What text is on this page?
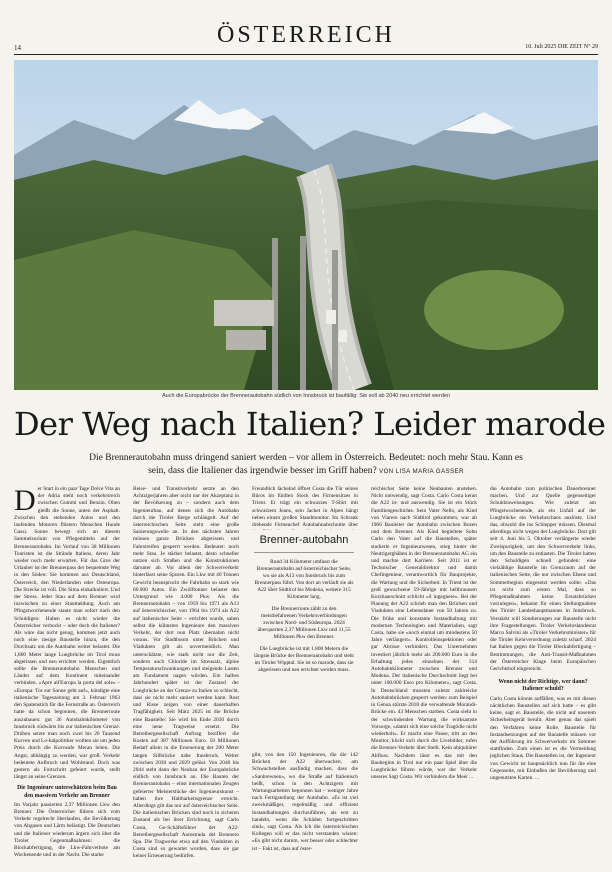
14	ÖSTERREICH	10. Juli 2025 DIE ZEIT N° 29
Auch die Europabrücke der Brennerautobahn südlich von Innsbruck ist baufällig: Sie soll ab 2040 neu errichtet werden
Der Weg nach Italien? Leider marode
Die Brennerautobahn muss dringend saniert werden – vor allem in Österreich. Bedeutet: noch mehr Stau. Kann es sein, dass die Italiener das irgendwie besser im Griff haben? VON LISA MARIA GASSER

Der Start in ein paar Tage Dolce Vita an der Adria steht noch verkehrsreich zwischen Gummi und Benzin. Oben gleißt die Sonne, unten der Asphalt. Zwischen den stehenden Autos und den laufenden Motoren flüstern Menschen Hunde Gassi. Sonne bewegt sich an diesem Sammelsurium von Pflegemitteln auf der Brennerautobahn. Im Verlauf von 38 Millionen Touristen ist die Strände Italiens, deren Jahr wieder noch mehr erwarten. Für das Gros der Urlauber ist der Brennerpass der bequemste Weg in den Süden: Sie kommen aus Deutschland, Österreich, den Niederlanden oder Osteuropa. Die Strecke ist voll. Die Sima einkalkuliert. Und der Stress. Jeder Stau auf dem Brenner wird inzwischen zu einer Staumeldung. Auch am Pfingstwochenende staute man sofort nach den Schuldigen: Haben es nicht wieder die Österreicher verbockt – oder doch die Italiener? Als wäre das nicht genug, kommen jetzt auch noch eine riesige Baustelle hinzu, die den Durchsatz um die Autobahn weiter belastet. Die 1,800 Meter lange Luegbrücke im Tirol muss abgerissen und neu errichtet werden. Eigentlich sollte die Brennerautobahn Menschen und Länder auf dem Kontinent miteinander verbinden. »Apre all'Europa la porta del sole« – »Europa: Tor zur Sonne geht auf«, kündigte eine italienische Tageszeitung am 3. Februar 1963 den Spatenstich für die Fernstraße an. Österreich hatte da schon begonnen, die Brennerroute auszubauen: gut 36 Autobahnkilometer von Innsbruck südwärts bis zur italienischen Grenze. Drüben setzte man noch zwei bis 20 Tausend Kurven und Lo-kalpolitiker wollten sie um jeden Preis durch die Kurvaufe Meran leiten. Die Angst, abhängig zu werden, war groß. Verkehr bedeutete Aufbruch und Wohlstand. Doch was gestern als Fortschritt gefeiert wurde, stellt längst an seine Grenzen.

Die Ingenieure unterschätzten beim Bau den massiven Verkehr am Brenner

Im Vorjahr passierten 2,37 Millionen Lkw den Brenner. Die Österreicher führen sich vom Verkehr regelrecht überlaufen, die Bevölkerung von Abgasen und Lärm belästigt. Die Deutschen und die Italiener wiederum ärgern sich über die Tiroler Gegenmaßnahmen: die Blockabfertigung, die Lkw-Fahrverbote am Wochenende und in der Nacht. Die starke

Reise- und Transitverkehr setzte an den Achtzigerjahren aber nicht nur der Akzeptanz in der Bevölkerung zu – sondern auch dem Ingenieurbau, auf denen sich die Autobahn durch die Tiroler Berge schlängelt. Auf der österreichischen Seite steht eine große Sanierungswelle an. In den nächsten Jahren müssen ganze Brücken abgerissen und Fahrstreifen gesperrt werden. Bedeutet: noch mehr Stau. Je stärker belastet, desto schneller nutzen sich Straßen und die Konstruktionen darunter ab. Vor allem der Schwerverkehr hinterlässt seine Spuren. Ein Lkw mit 40 Tonnen Gewicht beansprucht die Fahrbahn so stark wie 60.000 Autos. Ein Zwölftonner belastet den Untergrund wie 4.000 Pkw. Als die Brennerautobahn – von 1959 bis 1971 als A13 auf österreichischer, von 1964 bis 1974 als A22 auf italienischer Seite – errichtet wurde, sahen selbst die kühnsten Ingenieure den massiven Verkehr, der dort nun Platz übernahm nicht voraus. Vor Stadtboom unter Brücken und Viadukten gilt als unvermeidlich. Man unterschätzte, wie stark nicht nur die Zeit, sondern auch Chloride im Streusalz, alpine Temperaturschwankungen und steigende Lasten am Fundament nagen würden. Ein halbes Jahrhundert später ist der Zustand der Luegbrücke an der Grenze zu Italien so schlecht, dass sie nicht mehr saniert werden kann. Rost und Risse zeigen von einer dauerhaften Tragfähigkeit. Seit März 2025 ist die Brücke eine Baustelle: Sie wird bis Ende 2030 durch eine neue Tragweise ersetzt. Die Betreibergesellschaft Auftrag beziffert die Kosten auf 387 Millionen Euro. 50 Millionen Bedarf allein in die Erneuerung der 200 Meter langen Sillbrücke nahe Innsbruck. Weiter zwischen 2030 und 2029 gelöst. Von 2040 bis 2044 steht dann der Neubau der Europabrücke südlich von Innsbruck an. Die Bauten der Brennerautobahn – einst internationalen Zeugen gefeierter Meisterstücke der Ingenieurskunst – haben ihre Haltbarkeitsgrenze erreicht. Allerdings gilt das nur auf österreichischer Seite. Die italienischen Brücken sind noch in sicheren Zustand als bei ihrer Errichtung, sagt Carlo Costa, Ge-Schäftsführer der A22-Betreibergesellschaft Autostrada del Brennero Spa. Die Tragwerke etwa auf den Viadukten in Costa sind so gewartet worden, dass sie gar keiner Erneuerung bedürfen.

Freundlich lächelnd öffnet Costa die Tür seines Büros im fünften Stock des Firmensitzes in Trient. Er trägt ein schwarzes T-Shirt mit schwarzem Jeans, sein Jacket in Alpen hängt neben einem großen Standmonitor. Im Schrank drehende Firmenchef Autobahnabschnitte über

gibt, von den 150 Ingenieuren, die die 142 Brücken der A22 überwachen, am Schwachstellen ausfindig machen, dass die »Sanbrewnen«, wo die Straße auf Italienisch heißt, schon in den Achtzigern mit Wartungsarbeiten begonnen hat – weniger Jahre nach Fertigstellung der Autobahn. »Es ist viel zweckmäßiger, regelmäßig und effizient Instandhaltungen durchzuführen, als erst zu handeln, wenn die Schäden fortgeschritten sind«, sagt Costa. Als Ich die österreichischen Kollegen will er das nicht verstanden wissen: »Es gibt nicht darum, wer besser oder schlechter ist – Fakt ist, dass auf öster-

Brenner-autobahn

Rund 34 Kilometer umfasst die Brennerautobahn auf österreichischer Seite, wo sie als A13 von Innsbruck bis zum Brennerpass führt. Von dort an verläuft sie als A22 über Südtirol bis Modena, weitere 315 Kilometer lang.

Die Brennerroute zählt zu den meistbefahrenen Verkehrsverbindungen zwischen Nord- und Südeuropa. 2024 überquerten 2,37 Millionen Lkw und 11,55 Millionen Pkw den Brenner.

Die Luegbrücke ist mit 1.800 Metern die längste Brücke der Brennerautobahn und steht im Tiroler Wipptal. Sie ist so marode, dass sie abgerissen und neu errichtet werden muss.

reichischer Seite keine Neubauten anstehen. Nicht notwendig, sagt Costa. Carlo Costa kennt die A22 in- und auswendig. Sie ist ein Stück Familiengeschichte. Sein Vater Nello, als Kind von Viareto nach Südtirol gekommen, war ab 1966 Bauleiter der Autobahn zwischen Bozen und dem Brenner. Als Kind begleitete Sohn Carlo den Vater auf die Baustellen, später studierte er Ingenieurwesen, stieg hinter der Neutrigerghäben in der Brennerautobahn AG ein und machte dort Karriere. Seit 2011 ist er Technischer Generaldirektor und damit Chefingenieur, verantwortlich für Bauprojekte, die Wartung und die Sicherheit. In Trient ist der groß gewachsene 59-Jährige mit hellbraunem Kurzhaarschnitt schlicht »il ingegnere«. Bei der Planung der A22 schrieb man den Brücken und Viadukten eine Lebensdauer von 50 Jahren zu. Die frühe und konstante Instandhaltung mit modernen Technologien und Materialien, sagt Costa, habe sie »noch einmal um mindestens 50 Jahre verlängert«. Kontrolleinspektionen oder gar Abrisse verhindert. Das Unternehmen investiert jährlich mehr als 200.000 Euro in die Erhaltung jedes einzelnen der 314 Autobahnkilometer zwischen Brenner und Modena. Der italienische Durchschnitt liegt bei unter 100.000 Euro pro Kilometer«, sagt Costa. In Deutschland mussten zuletzt zahlreiche Autobahnbrücken gesperrt werden: zum Beispiel in Genua stürzte 2018 die verwaltende Morandi-Brücke ein. 43 Menschen starben. Costa sieht in der schwindenden Wartung die wirksamste Vorsorge, »damit sich eine solche Tragödie nicht wiederholt«. Er macht eine Pause, tritt an den Monitor, klickt sich durch die Livebilder, rufen die Brenner-Verkehr über Stellt. Kein ubiquitärer Abfluss. Nachdem lässt es das mit den Baubeginn in Tirol nur ein paar Spiel über die Luegbrücke führen würde, war der Verkehr unseres Sagt Costa. Wir verhindern die Meer ...

die Autobahn zum politischen Dauerbrenner machen. Und zur Quelle gegenseitiger Schuldzuweisungen. Wie zuletzt am Pfingstwochenende, als ein Unfall auf der Luegbrücke ein Verkehrschaos auslöste. Und das, obwohl die ins Schlepper müssen. Diesmal allerdings nicht wegen der Luegbrücke. Dort gilt seit 4. Juni bis 5. Oktober verlängerte wieder Zweispurigkeit, um den Schwerverkehr links, um den Baustelle zu entlasten. Die Tiroler hatten den Schuldigen schnell gefunden: eine vielzählige Baustelle im Grenzraum auf der italienischen Seite, die nur zwischen Ebene und Sommerbeginn eingesetzt werden sollte. »Das ist nicht zum ersten Mal, dass so Pflegemaßnahmen keine Ersatzbrücken vorzulegen«, bekannt für einen Stellungnahme des Tiroler Landeshauptmannes in Innsbruck. Verstärkt will Sondierungen zur Baustelle nicht ihre Fragestellungen. Tiroler Verkehrslandesrat Marco Salvini als »Tiroler Verkehrsminister« für die Tiroler Kehrverordnung zuletzt scharf. 2024 hat Italien gegen die Tiroler Blockabfertigung – Bestimmungen, die Anti-Transit-Maßnahmen der Österreicher Klage beim Europäischen Gerichtshof eingereicht.

Wenn nicht der Richtige, wer dann? Italiener schuld?

Carlo Costa könnte auffällen, was es mit diesen nächtlichen Baustellen auf sich hatte – es gibt keine, sagt er. Baustelle, die nicht auf unserem Sicherheitsgerät beruht. Aber genau das spielt den Verfahren keine Rolle. Baustelle für Instandsetzungen auf der Baustelle müssen vor der Aufführung im Schwerverkehr im Sommer stattfinden. Zum einen ist es die Vermeidung jeglichen Staus. Die Baustellen ist, der Ingenieur von Gewicht ist hauptsächlich nun für die eine Gegenseite, mit Einbußen der Bevölkerung und ungenutzten Karten. ...
